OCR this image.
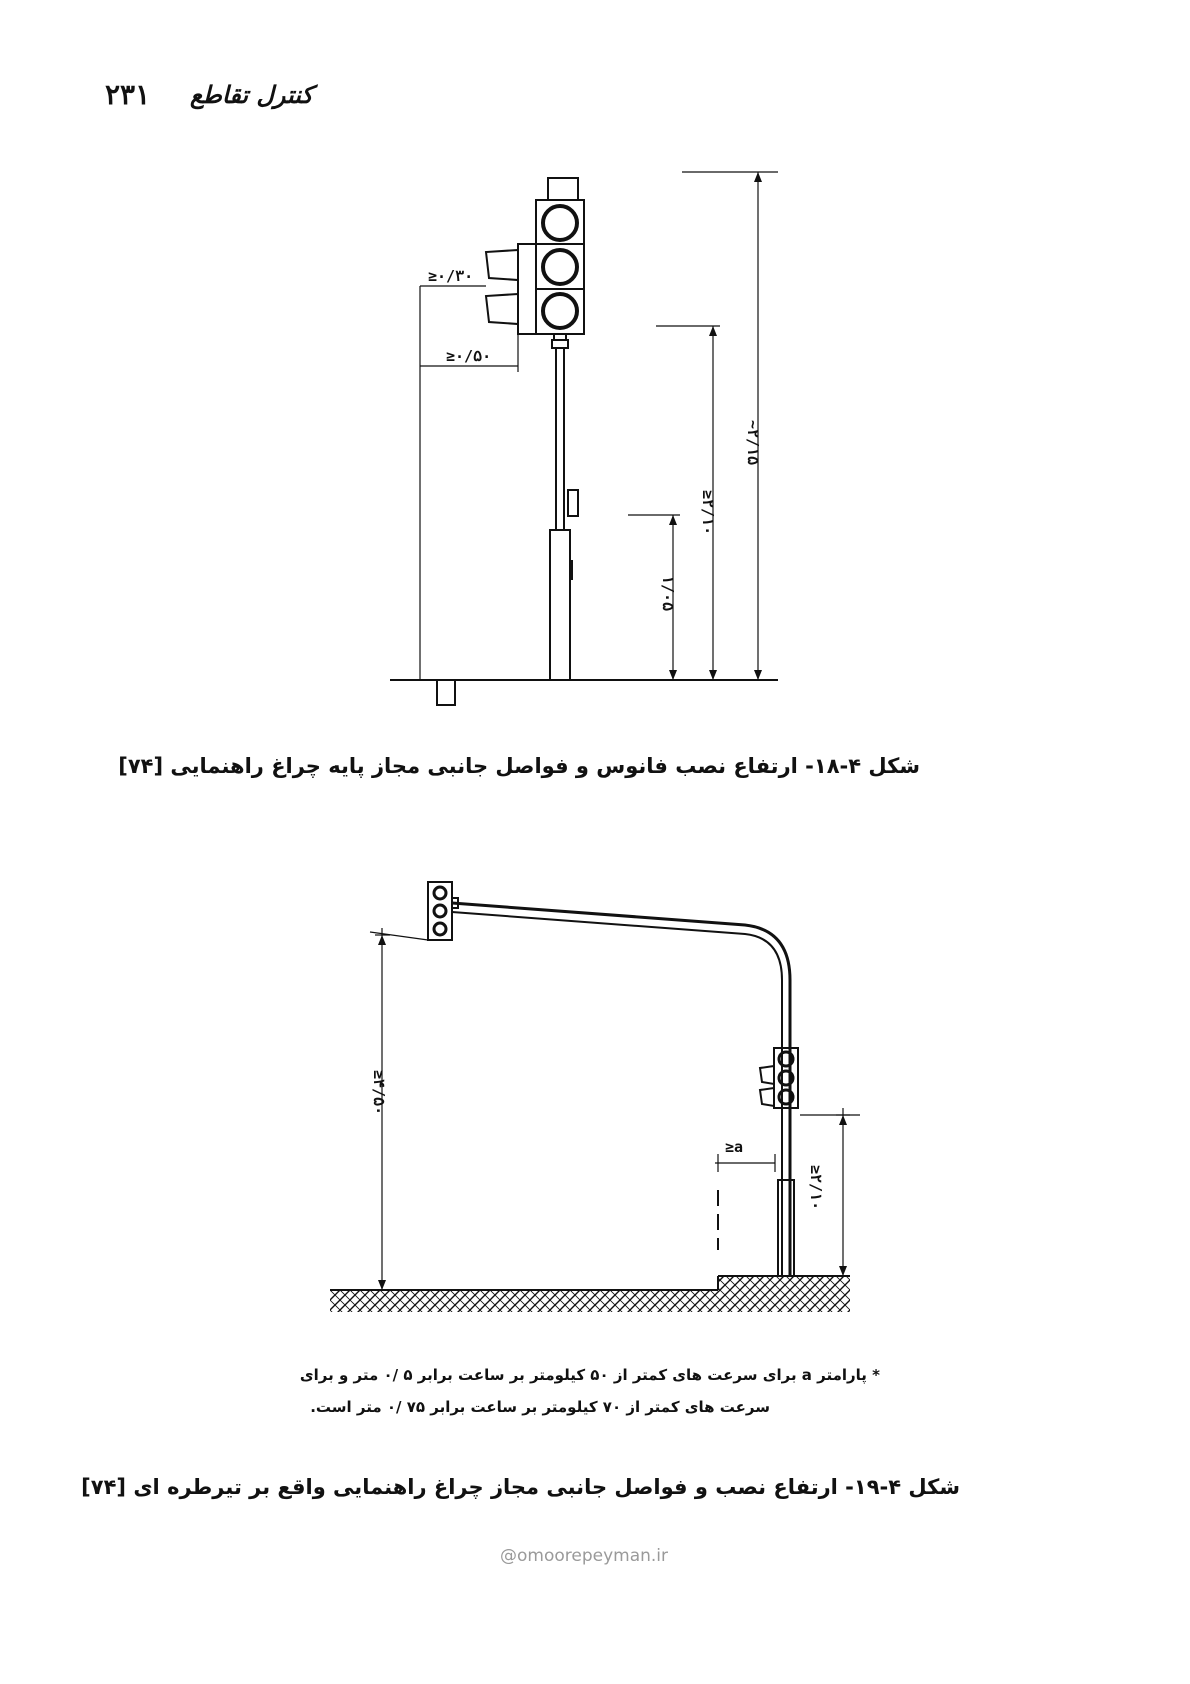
۲۳۱ کنترل تقاطع
≥۰/۳۰
≥۰/۵۰
~۲/۱۵
≥۲/۱۰
۱/۰۵
شکل ۴-۱۸- ارتفاع نصب فانوس و فواصل جانبی مجاز پایه چراغ راهنمایی [۷۴]
≥۴/۵۰
≥a
≥۲/۱۰
* پارامتر a برای سرعت های کمتر از ۵۰ کیلومتر بر ساعت برابر ۵ /۰ متر و برای
سرعت های کمتر از ۷۰ کیلومتر بر ساعت برابر ۷۵ /۰ متر است.
شکل ۴-۱۹- ارتفاع نصب و فواصل جانبی مجاز چراغ راهنمایی واقع بر تیرطره ای [۷۴]
@omoorepeyman.ir
